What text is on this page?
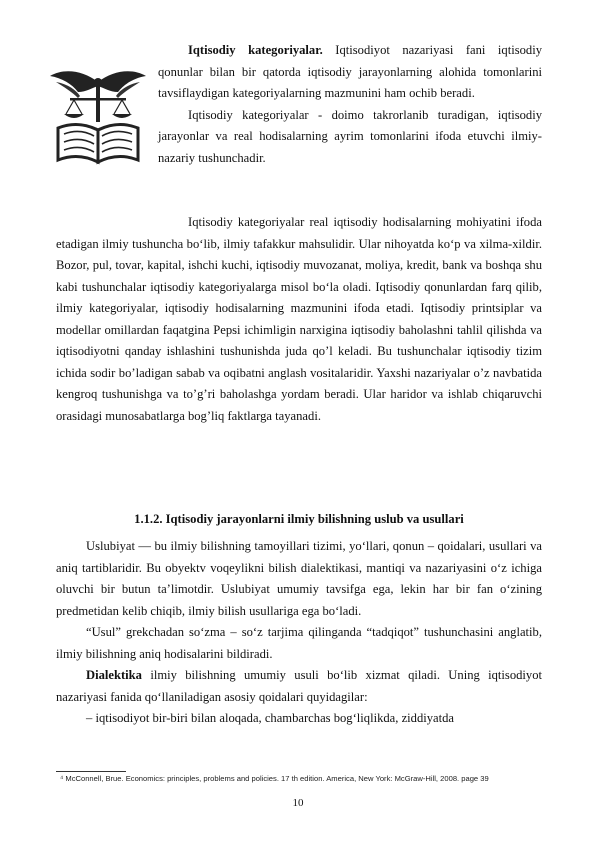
Iqtisodiy kategoriyalar. Iqtisodiyot nazariyasi fani iqtisodiy qonunlar bilan bir qatorda iqtisodiy jarayonlarning alohida tomonlarini tavsiflaydigan kategoriyalarning mazmunini ham ochib beradi.

Iqtisodiy kategoriyalar - doimo takrorlanib turadigan, iqtisodiy jarayonlar va real hodisalarning ayrim tomonlarini ifoda etuvchi ilmiy-nazariy tushunchadir.

Iqtisodiy kategoriyalar real iqtisodiy hodisalarning mohiyatini ifoda etadigan ilmiy tushuncha bo‘lib, ilmiy tafakkur mahsulidir. Ular nihoyatda ko‘p va xilma-xildir. Bozor, pul, tovar, kapital, ishchi kuchi, iqtisodiy muvozanat, moliya, kredit, bank va boshqa shu kabi tushunchalar iqtisodiy kategoriyalarga misol bo‘la oladi. Iqtisodiy qonunlardan farq qilib, ilmiy kategoriyalar, iqtisodiy hodisalarning mazmunini ifoda etadi. Iqtisodiy printsiplar va modellar omillardan faqatgina Pepsi ichimligin narxigina iqtisodiy baholashni tahlil qilishda va iqtisodiyotni qanday ishlashini tushunishda juda qo’l keladi. Bu tushunchalar iqtisodiy tizim ichida sodir bo’ladigan sabab va oqibatni anglash vositalaridir. Yaxshi nazariyalar o’z navbatida kengroq tushunishga va to’g’ri baholashga yordam beradi. Ular haridor va ishlab chiqaruvchi orasidagi munosabatlarga bog’liq faktlarga tayanadi.

1.1.2. Iqtisodiy jarayonlarni ilmiy bilishning uslub va usullari

Uslubiyat — bu ilmiy bilishning tamoyillari tizimi, yo‘llari, qonun – qoidalari, usullari va aniq tartiblaridir. Bu obyektv voqeylikni bilish dialektikasi, mantiqi va nazariyasini o‘z ichiga oluvchi bir butun ta’limotdir. Uslubiyat umumiy tavsifga ega, lekin har bir fan o‘zining predmetidan kelib chiqib, ilmiy bilish usullariga ega bo‘ladi.

“Usul” grekchadan so‘zma – so‘z tarjima qilinganda “tadqiqot” tushunchasini anglatib, ilmiy bilishning aniq hodisalarini bildiradi.

Dialektika ilmiy bilishning umumiy usuli bo‘lib xizmat qiladi. Uning iqtisodiyot nazariyasi fanida qo‘llaniladigan asosiy qoidalari quyidagilar:

– iqtisodiyot bir-biri bilan aloqada, chambarchas bog‘liqlikda, ziddiyatda

⁴ McConnell, Brue. Economics: principles, problems and policies. 17 th edition. America, New York: McGraw-Hill, 2008. page 39
10
